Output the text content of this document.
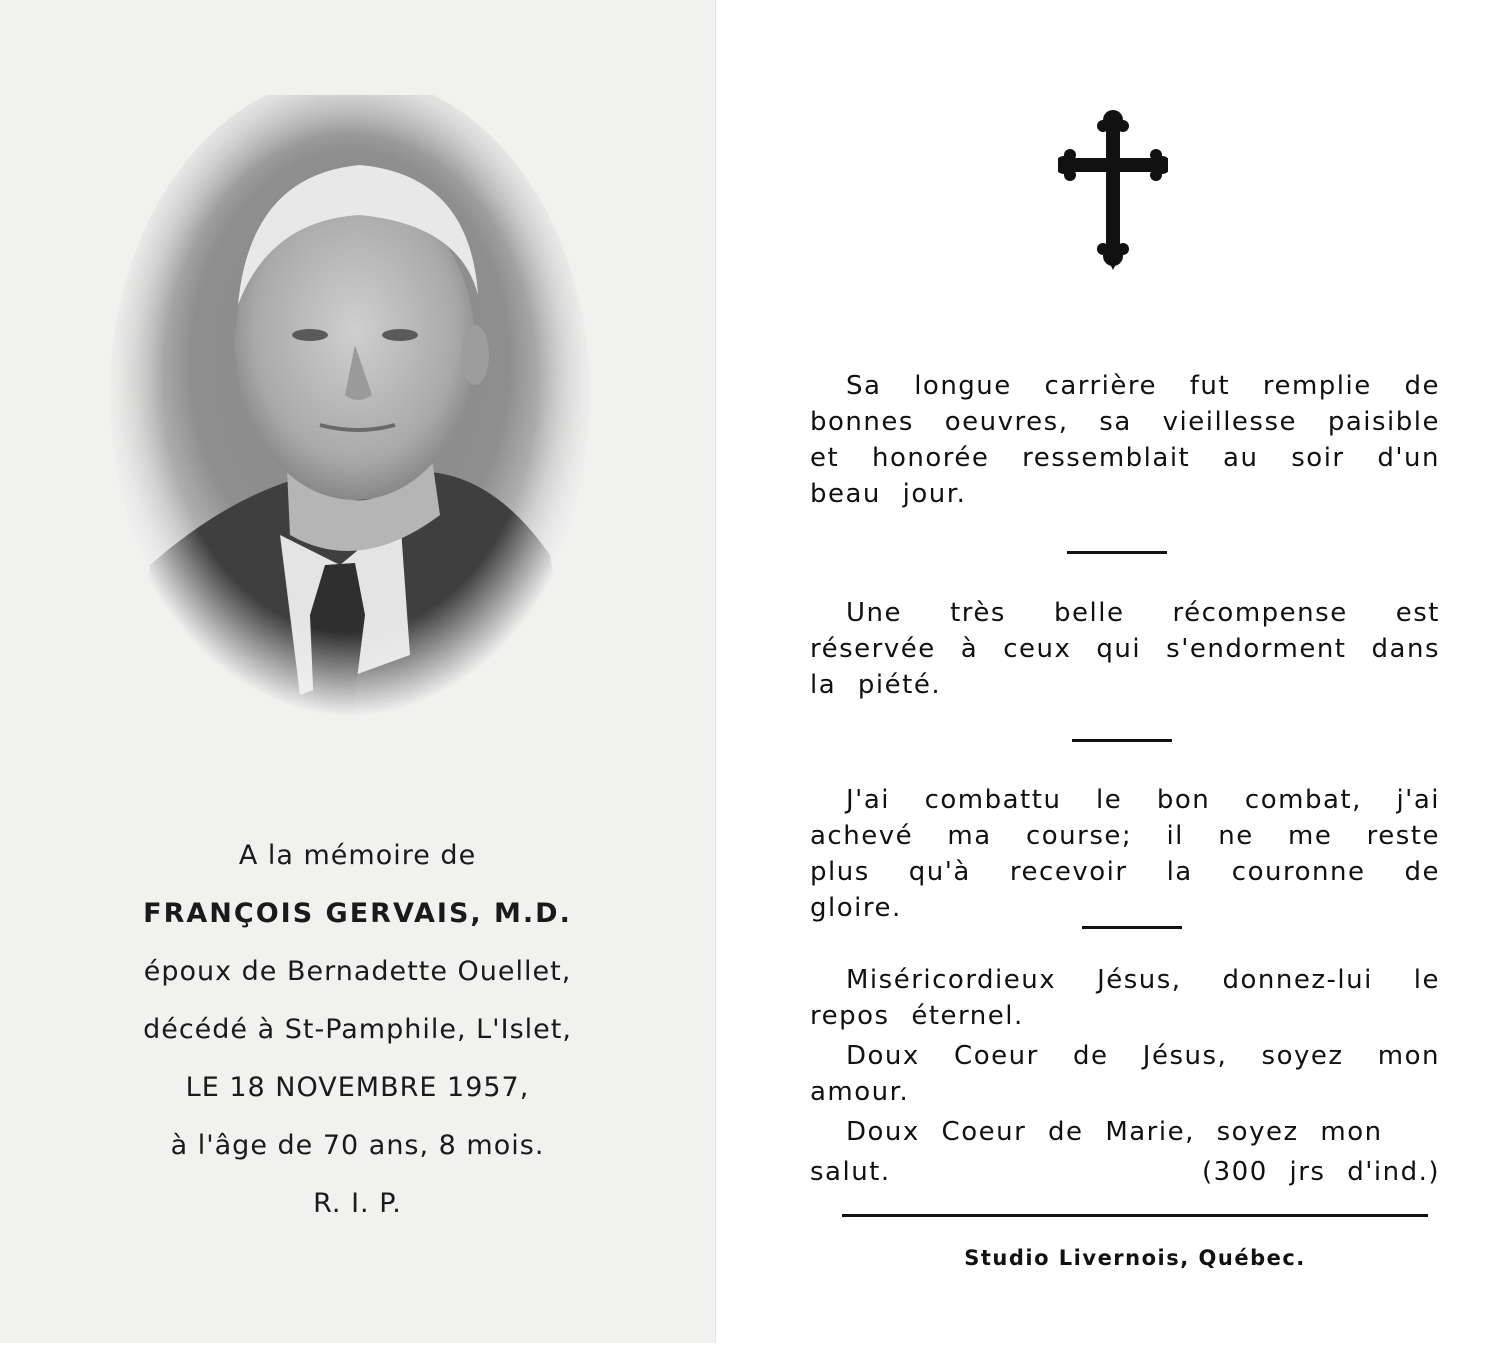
A la mémoire de
FRANÇOIS GERVAIS, M.D.
époux de Bernadette Ouellet,
décédé à St-Pamphile, L'Islet,
LE 18 NOVEMBRE 1957,
à l'âge de 70 ans, 8 mois.
R. I. P.

Sa longue carrière fut remplie de bonnes oeuvres, sa vieillesse paisible et honorée ressemblait au soir d'un beau jour.

Une très belle récompense est réservée à ceux qui s'endorment dans la piété.

J'ai combattu le bon combat, j'ai achevé ma course; il ne me reste plus qu'à recevoir la couronne de gloire.

Miséricordieux Jésus, donnez-lui le repos éternel.

Doux Coeur de Jésus, soyez mon amour.

Doux Coeur de Marie, soyez mon

salut.	(300 jrs d'ind.)

Studio Livernois, Québec.
